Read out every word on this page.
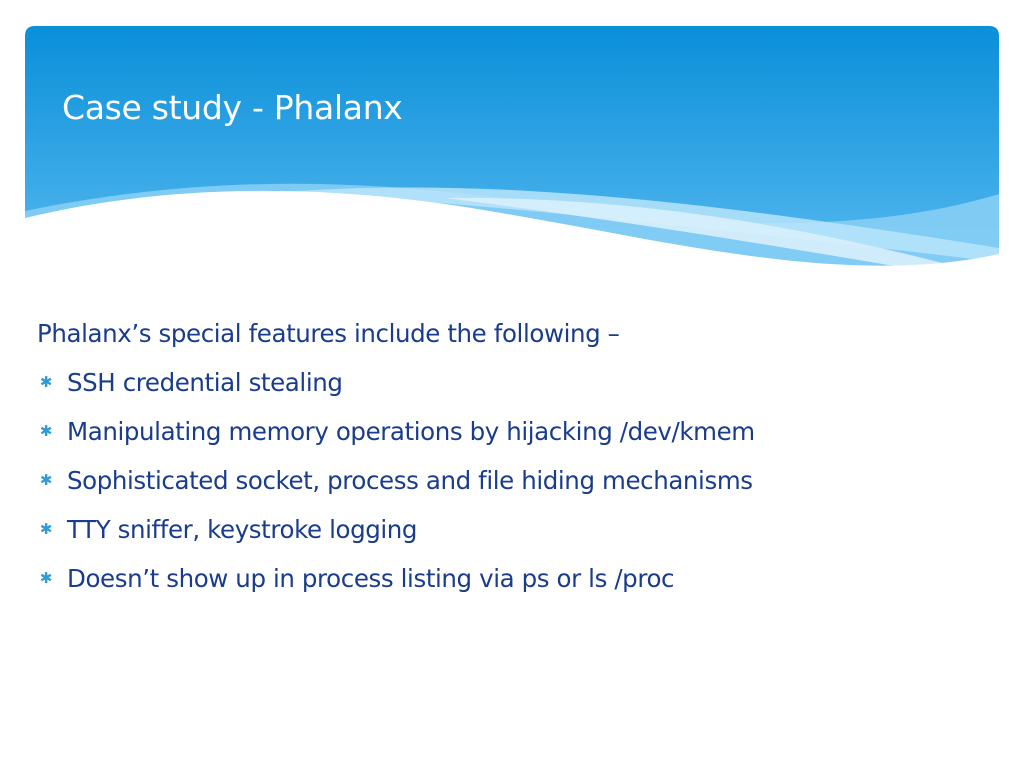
Case study - Phalanx
Phalanx’s special features include the following –
✱ SSH credential stealing
✱ Manipulating memory operations by hijacking /dev/kmem
✱ Sophisticated socket, process and file hiding mechanisms
✱ TTY sniffer, keystroke logging
✱ Doesn’t show up in process listing via ps or ls /proc
